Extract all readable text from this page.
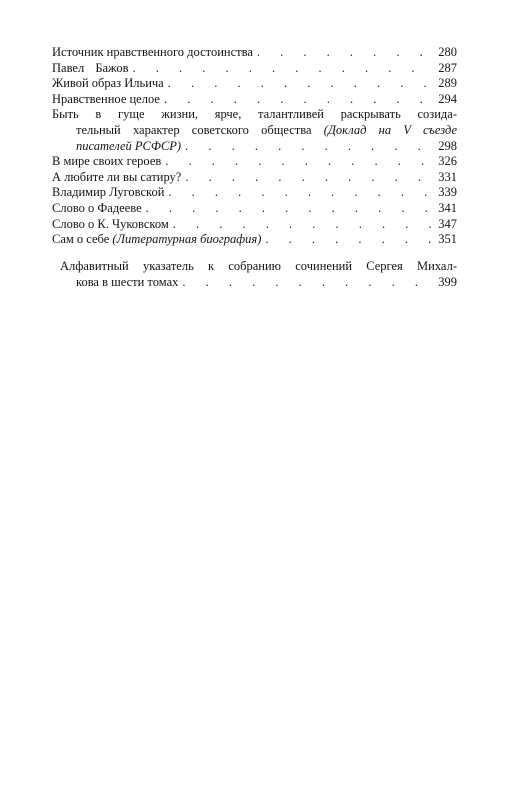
Источник нравственного достоинства . . .	280
Павел Бажов . . .	287
Живой образ Ильича . . .	289
Нравственное целое . . .	294
Быть в гуще жизни, ярче, талантливей раскрывать созида-
тельный характер советского общества (Доклад на V съезде
писателей РСФСР) . . .	298
В мире своих героев . . .	326
А любите ли вы сатиру? . . .	331
Владимир Луговской . . .	339
Слово о Фадееве . . .	341
Слово о К. Чуковском . . .	347
Сам о себе (Литературная биография) . . .	351
Алфавитный указатель к собранию сочинений Сергея Михал-
кова в шести томах . . .	399
